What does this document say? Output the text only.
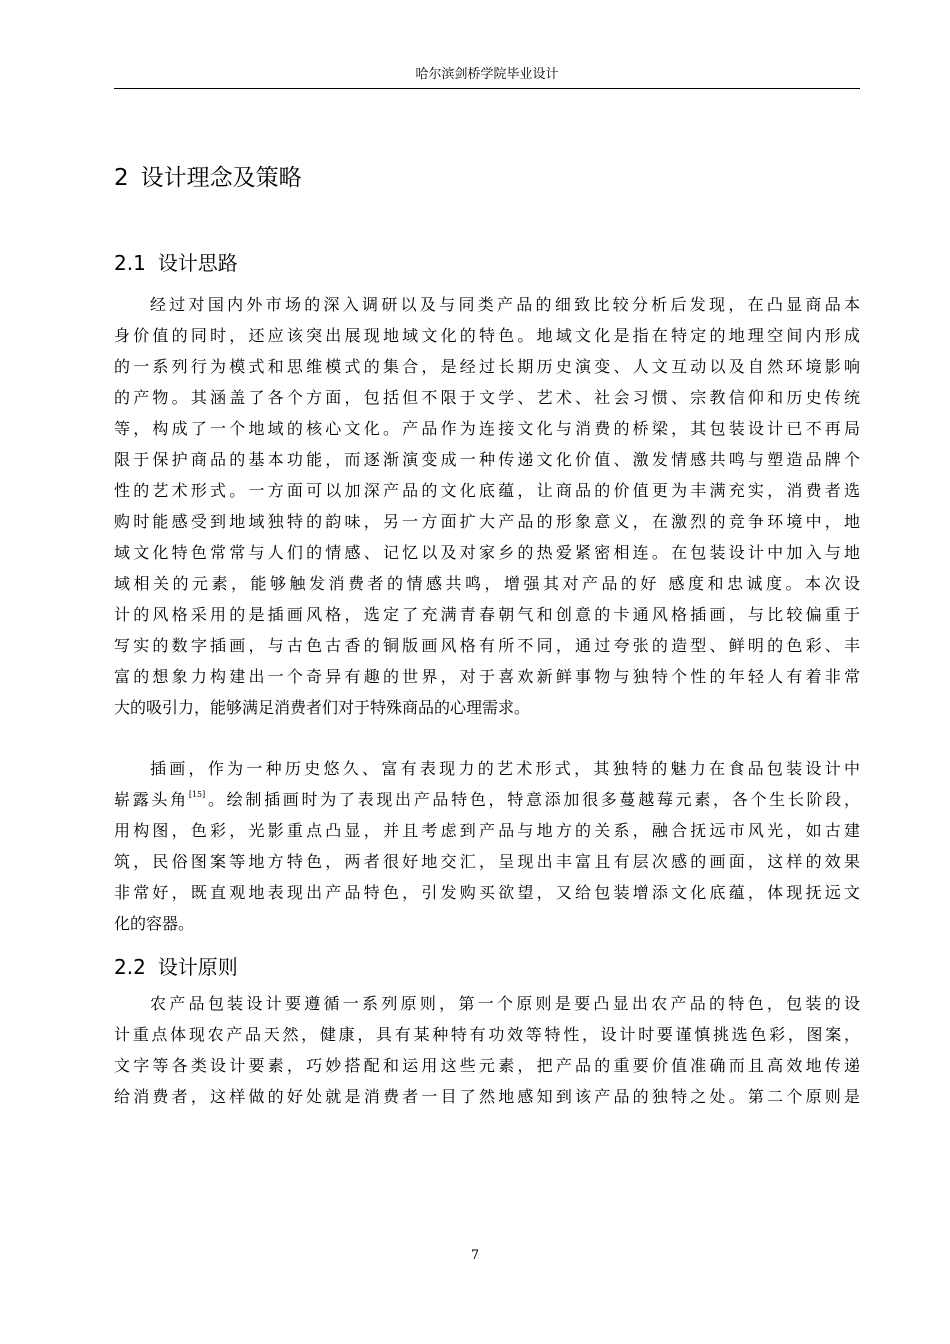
哈尔滨剑桥学院毕业设计
2 设计理念及策略
2.1 设计思路

经过对国内外市场的深入调研以及与同类产品的细致比较分析后发现，在凸显商品本
身价值的同时，还应该突出展现地域文化的特色。地域文化是指在特定的地理空间内形成
的一系列行为模式和思维模式的集合，是经过长期历史演变、人文互动以及自然环境影响
的产物。其涵盖了各个方面，包括但不限于文学、艺术、社会习惯、宗教信仰和历史传统
等，构成了一个地域的核心文化。产品作为连接文化与消费的桥梁，其包装设计已不再局
限于保护商品的基本功能，而逐渐演变成一种传递文化价值、激发情感共鸣与塑造品牌个
性的艺术形式。一方面可以加深产品的文化底蕴，让商品的价值更为丰满充实，消费者选
购时能感受到地域独特的韵味，另一方面扩大产品的形象意义，在激烈的竞争环境中，地
域文化特色常常与人们的情感、记忆以及对家乡的热爱紧密相连。在包装设计中加入与地
域相关的元素，能够触发消费者的情感共鸣，增强其对产品的好 感度和忠诚度。本次设
计的风格采用的是插画风格，选定了充满青春朝气和创意的卡通风格插画，与比较偏重于
写实的数字插画，与古色古香的铜版画风格有所不同，通过夸张的造型、鲜明的色彩、丰
富的想象力构建出一个奇异有趣的世界，对于喜欢新鲜事物与独特个性的年轻人有着非常
大的吸引力，能够满足消费者们对于特殊商品的心理需求。

插画，作为一种历史悠久、富有表现力的艺术形式，其独特的魅力在食品包装设计中
崭露头角[15]。绘制插画时为了表现出产品特色，特意添加很多蔓越莓元素，各个生长阶段，
用构图，色彩，光影重点凸显，并且考虑到产品与地方的关系，融合抚远市风光，如古建
筑，民俗图案等地方特色，两者很好地交汇，呈现出丰富且有层次感的画面，这样的效果
非常好，既直观地表现出产品特色，引发购买欲望，又给包装增添文化底蕴，体现抚远文
化的容器。

2.2 设计原则

农产品包装设计要遵循一系列原则，第一个原则是要凸显出农产品的特色，包装的设
计重点体现农产品天然，健康，具有某种特有功效等特性，设计时要谨慎挑选色彩，图案，
文字等各类设计要素，巧妙搭配和运用这些元素，把产品的重要价值准确而且高效地传递
给消费者，这样做的好处就是消费者一目了然地感知到该产品的独特之处。第二个原则是

7
